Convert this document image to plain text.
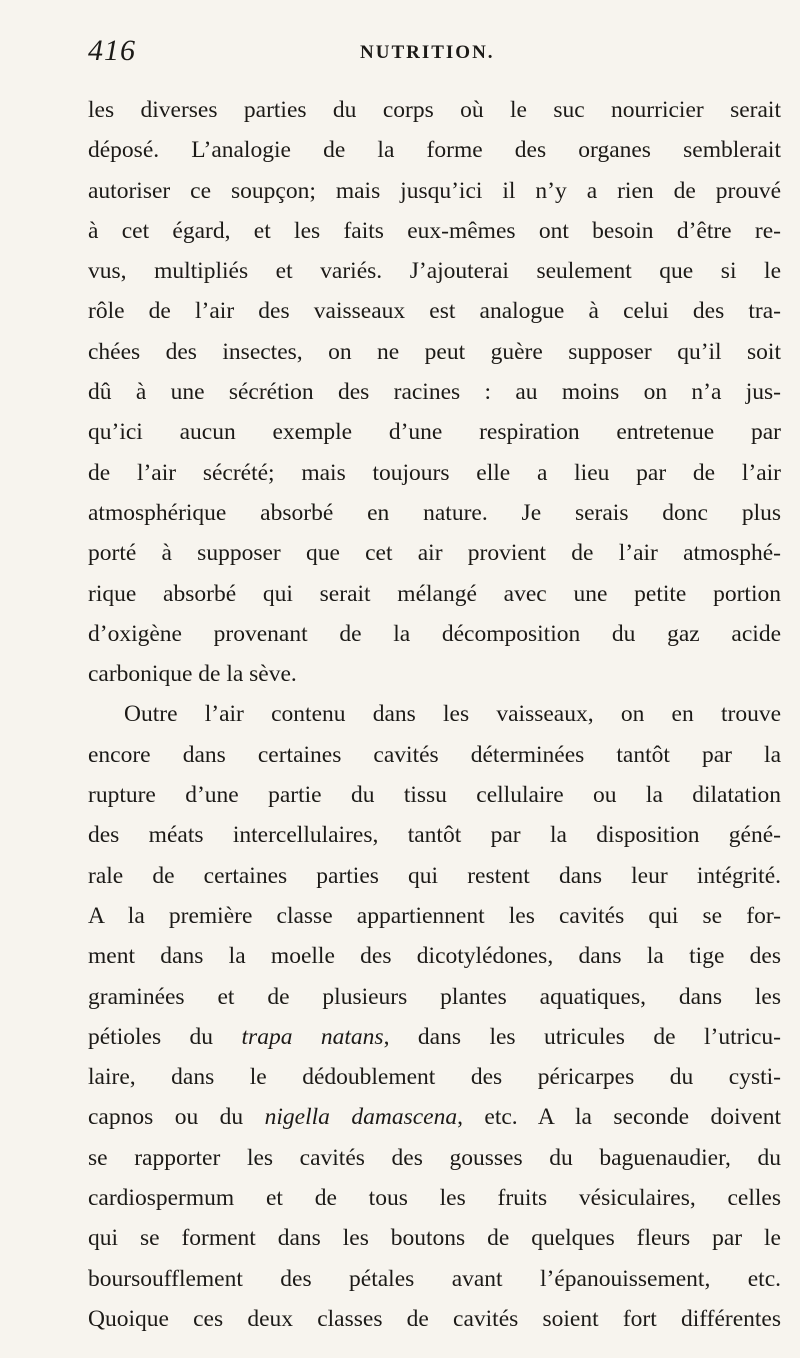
416	NUTRITION.
les diverses parties du corps où le suc nourricier serait
déposé. L’analogie de la forme des organes semblerait
autoriser ce soupçon; mais jusqu’ici il n’y a rien de prouvé
à cet égard, et les faits eux-mêmes ont besoin d’être re-
vus, multipliés et variés. J’ajouterai seulement que si le
rôle de l’air des vaisseaux est analogue à celui des tra-
chées des insectes, on ne peut guère supposer qu’il soit
dû à une sécrétion des racines : au moins on n’a jus-
qu’ici aucun exemple d’une respiration entretenue par
de l’air sécrété; mais toujours elle a lieu par de l’air
atmosphérique absorbé en nature. Je serais donc plus
porté à supposer que cet air provient de l’air atmosphé-
rique absorbé qui serait mélangé avec une petite portion
d’oxigène provenant de la décomposition du gaz acide
carbonique de la sève.
Outre l’air contenu dans les vaisseaux, on en trouve
encore dans certaines cavités déterminées tantôt par la
rupture d’une partie du tissu cellulaire ou la dilatation
des méats intercellulaires, tantôt par la disposition géné-
rale de certaines parties qui restent dans leur intégrité.
A la première classe appartiennent les cavités qui se for-
ment dans la moelle des dicotylédones, dans la tige des
graminées et de plusieurs plantes aquatiques, dans les
pétioles du trapa natans, dans les utricules de l’utricu-
laire, dans le dédoublement des péricarpes du cysti-
capnos ou du nigella damascena, etc. A la seconde doivent
se rapporter les cavités des gousses du baguenaudier, du
cardiospermum et de tous les fruits vésiculaires, celles
qui se forment dans les boutons de quelques fleurs par le
boursoufflement des pétales avant l’épanouissement, etc.
Quoique ces deux classes de cavités soient fort différentes
